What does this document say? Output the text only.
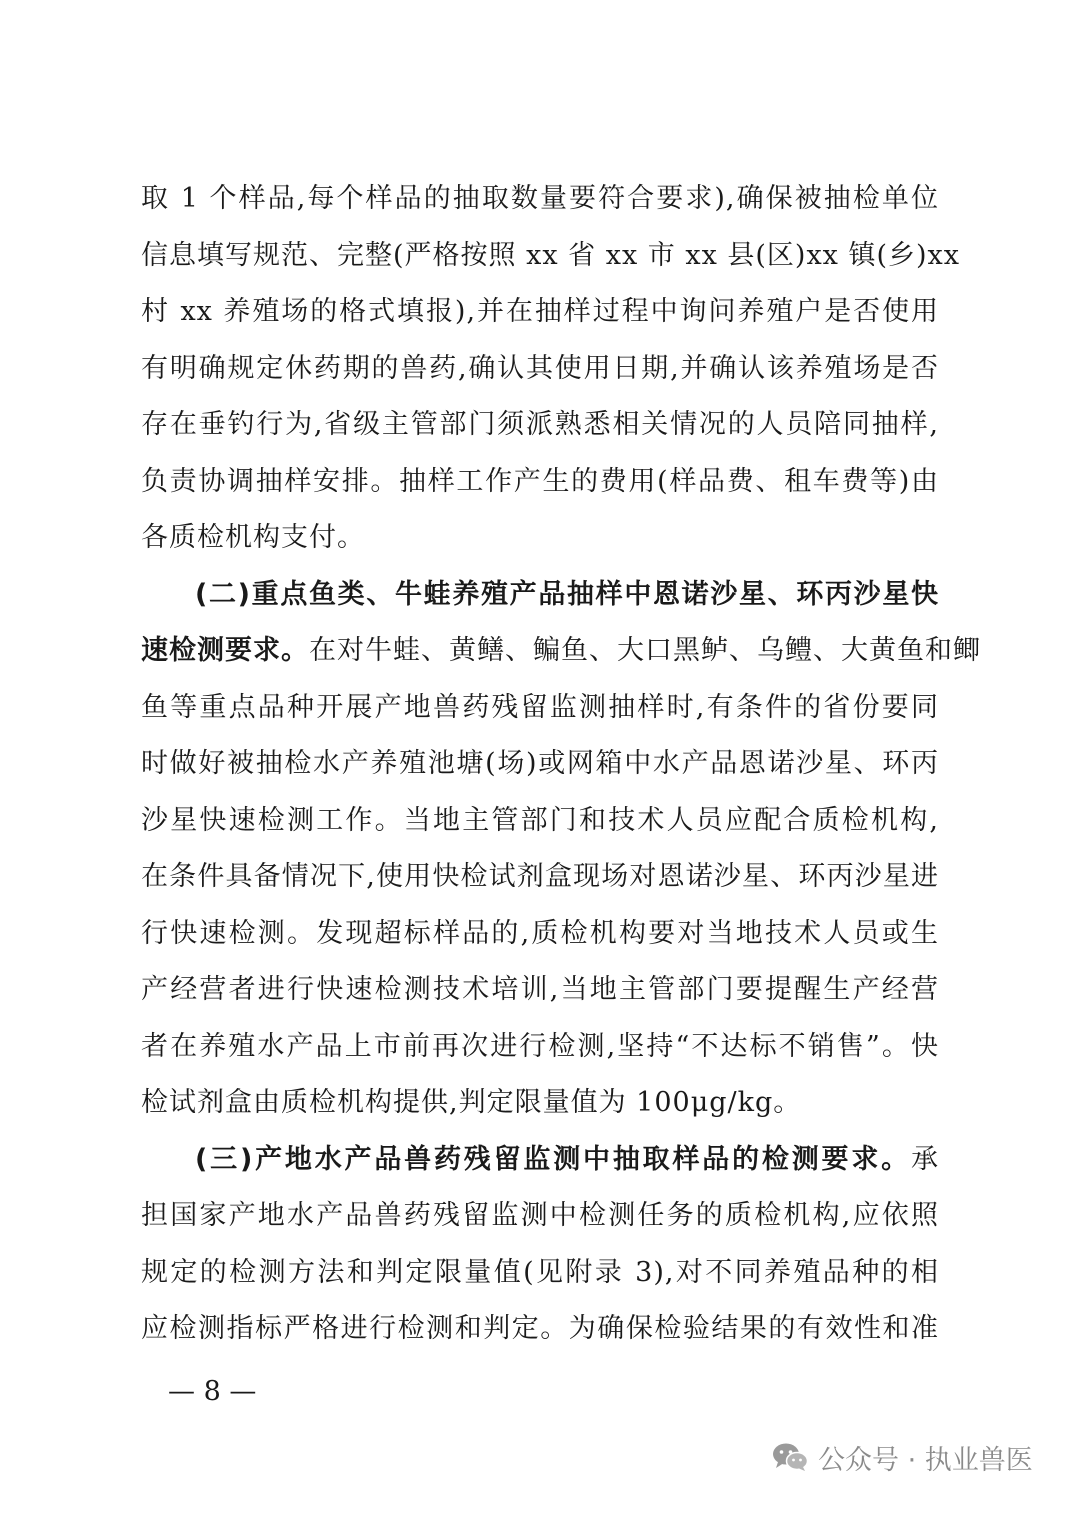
取 1 个样品,每个样品的抽取数量要符合要求),确保被抽检单位
信息填写规范、完整(严格按照 xx 省 xx 市 xx 县(区)xx 镇(乡)xx
村 xx 养殖场的格式填报),并在抽样过程中询问养殖户是否使用
有明确规定休药期的兽药,确认其使用日期,并确认该养殖场是否
存在垂钓行为,省级主管部门须派熟悉相关情况的人员陪同抽样,
负责协调抽样安排。抽样工作产生的费用(样品费、租车费等)由
各质检机构支付。
(二)重点鱼类、牛蛙养殖产品抽样中恩诺沙星、环丙沙星快
速检测要求。在对牛蛙、黄鳝、鳊鱼、大口黑鲈、乌鳢、大黄鱼和鲫
鱼等重点品种开展产地兽药残留监测抽样时,有条件的省份要同
时做好被抽检水产养殖池塘(场)或网箱中水产品恩诺沙星、环丙
沙星快速检测工作。当地主管部门和技术人员应配合质检机构,
在条件具备情况下,使用快检试剂盒现场对恩诺沙星、环丙沙星进
行快速检测。发现超标样品的,质检机构要对当地技术人员或生
产经营者进行快速检测技术培训,当地主管部门要提醒生产经营
者在养殖水产品上市前再次进行检测,坚持“不达标不销售”。快
检试剂盒由质检机构提供,判定限量值为 100μg/kg。
(三)产地水产品兽药残留监测中抽取样品的检测要求。承
担国家产地水产品兽药残留监测中检测任务的质检机构,应依照
规定的检测方法和判定限量值(见附录 3),对不同养殖品种的相
应检测指标严格进行检测和判定。为确保检验结果的有效性和准
— 8 —
公众号 · 执业兽医
